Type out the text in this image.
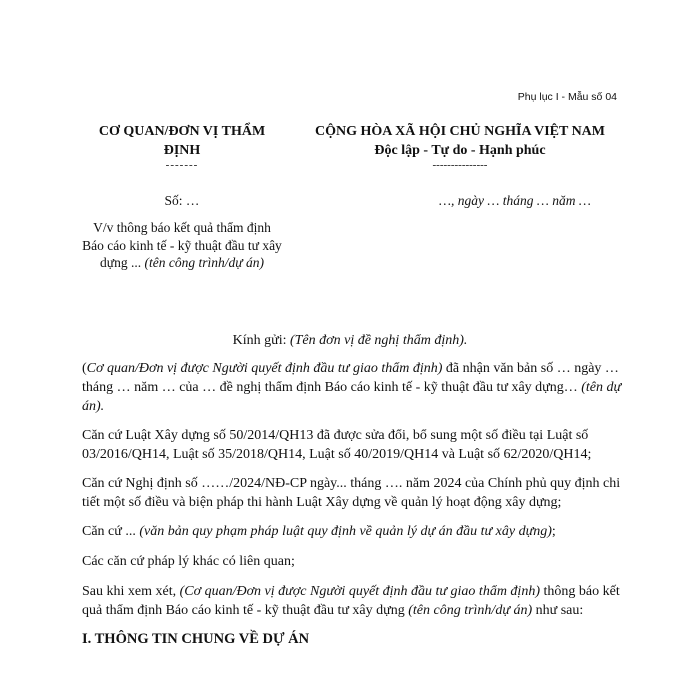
Phụ lục I - Mẫu số 04
CƠ QUAN/ĐƠN VỊ THẨM ĐỊNH
-------
CỘNG HÒA XÃ HỘI CHỦ NGHĨA VIỆT NAM
Độc lập - Tự do - Hạnh phúc
---------------
Số: …	…, ngày … tháng … năm …
V/v thông báo kết quả thẩm định Báo cáo kinh tế - kỹ thuật đầu tư xây dựng ... (tên công trình/dự án)
Kính gửi: (Tên đơn vị đề nghị thẩm định).

(Cơ quan/Đơn vị được Người quyết định đầu tư giao thẩm định) đã nhận văn bản số … ngày … tháng … năm … của … đề nghị thẩm định Báo cáo kinh tế - kỹ thuật đầu tư xây dựng… (tên dự án).

Căn cứ Luật Xây dựng số 50/2014/QH13 đã được sửa đổi, bổ sung một số điều tại Luật số 03/2016/QH14, Luật số 35/2018/QH14, Luật số 40/2019/QH14 và Luật số 62/2020/QH14;

Căn cứ Nghị định số ……/2024/NĐ-CP ngày... tháng …. năm 2024 của Chính phủ quy định chi tiết một số điều và biện pháp thi hành Luật Xây dựng về quản lý hoạt động xây dựng;

Căn cứ ... (văn bản quy phạm pháp luật quy định về quản lý dự án đầu tư xây dựng);

Các căn cứ pháp lý khác có liên quan;

Sau khi xem xét, (Cơ quan/Đơn vị được Người quyết định đầu tư giao thẩm định) thông báo kết quả thẩm định Báo cáo kinh tế - kỹ thuật đầu tư xây dựng (tên công trình/dự án) như sau:

I. THÔNG TIN CHUNG VỀ DỰ ÁN
